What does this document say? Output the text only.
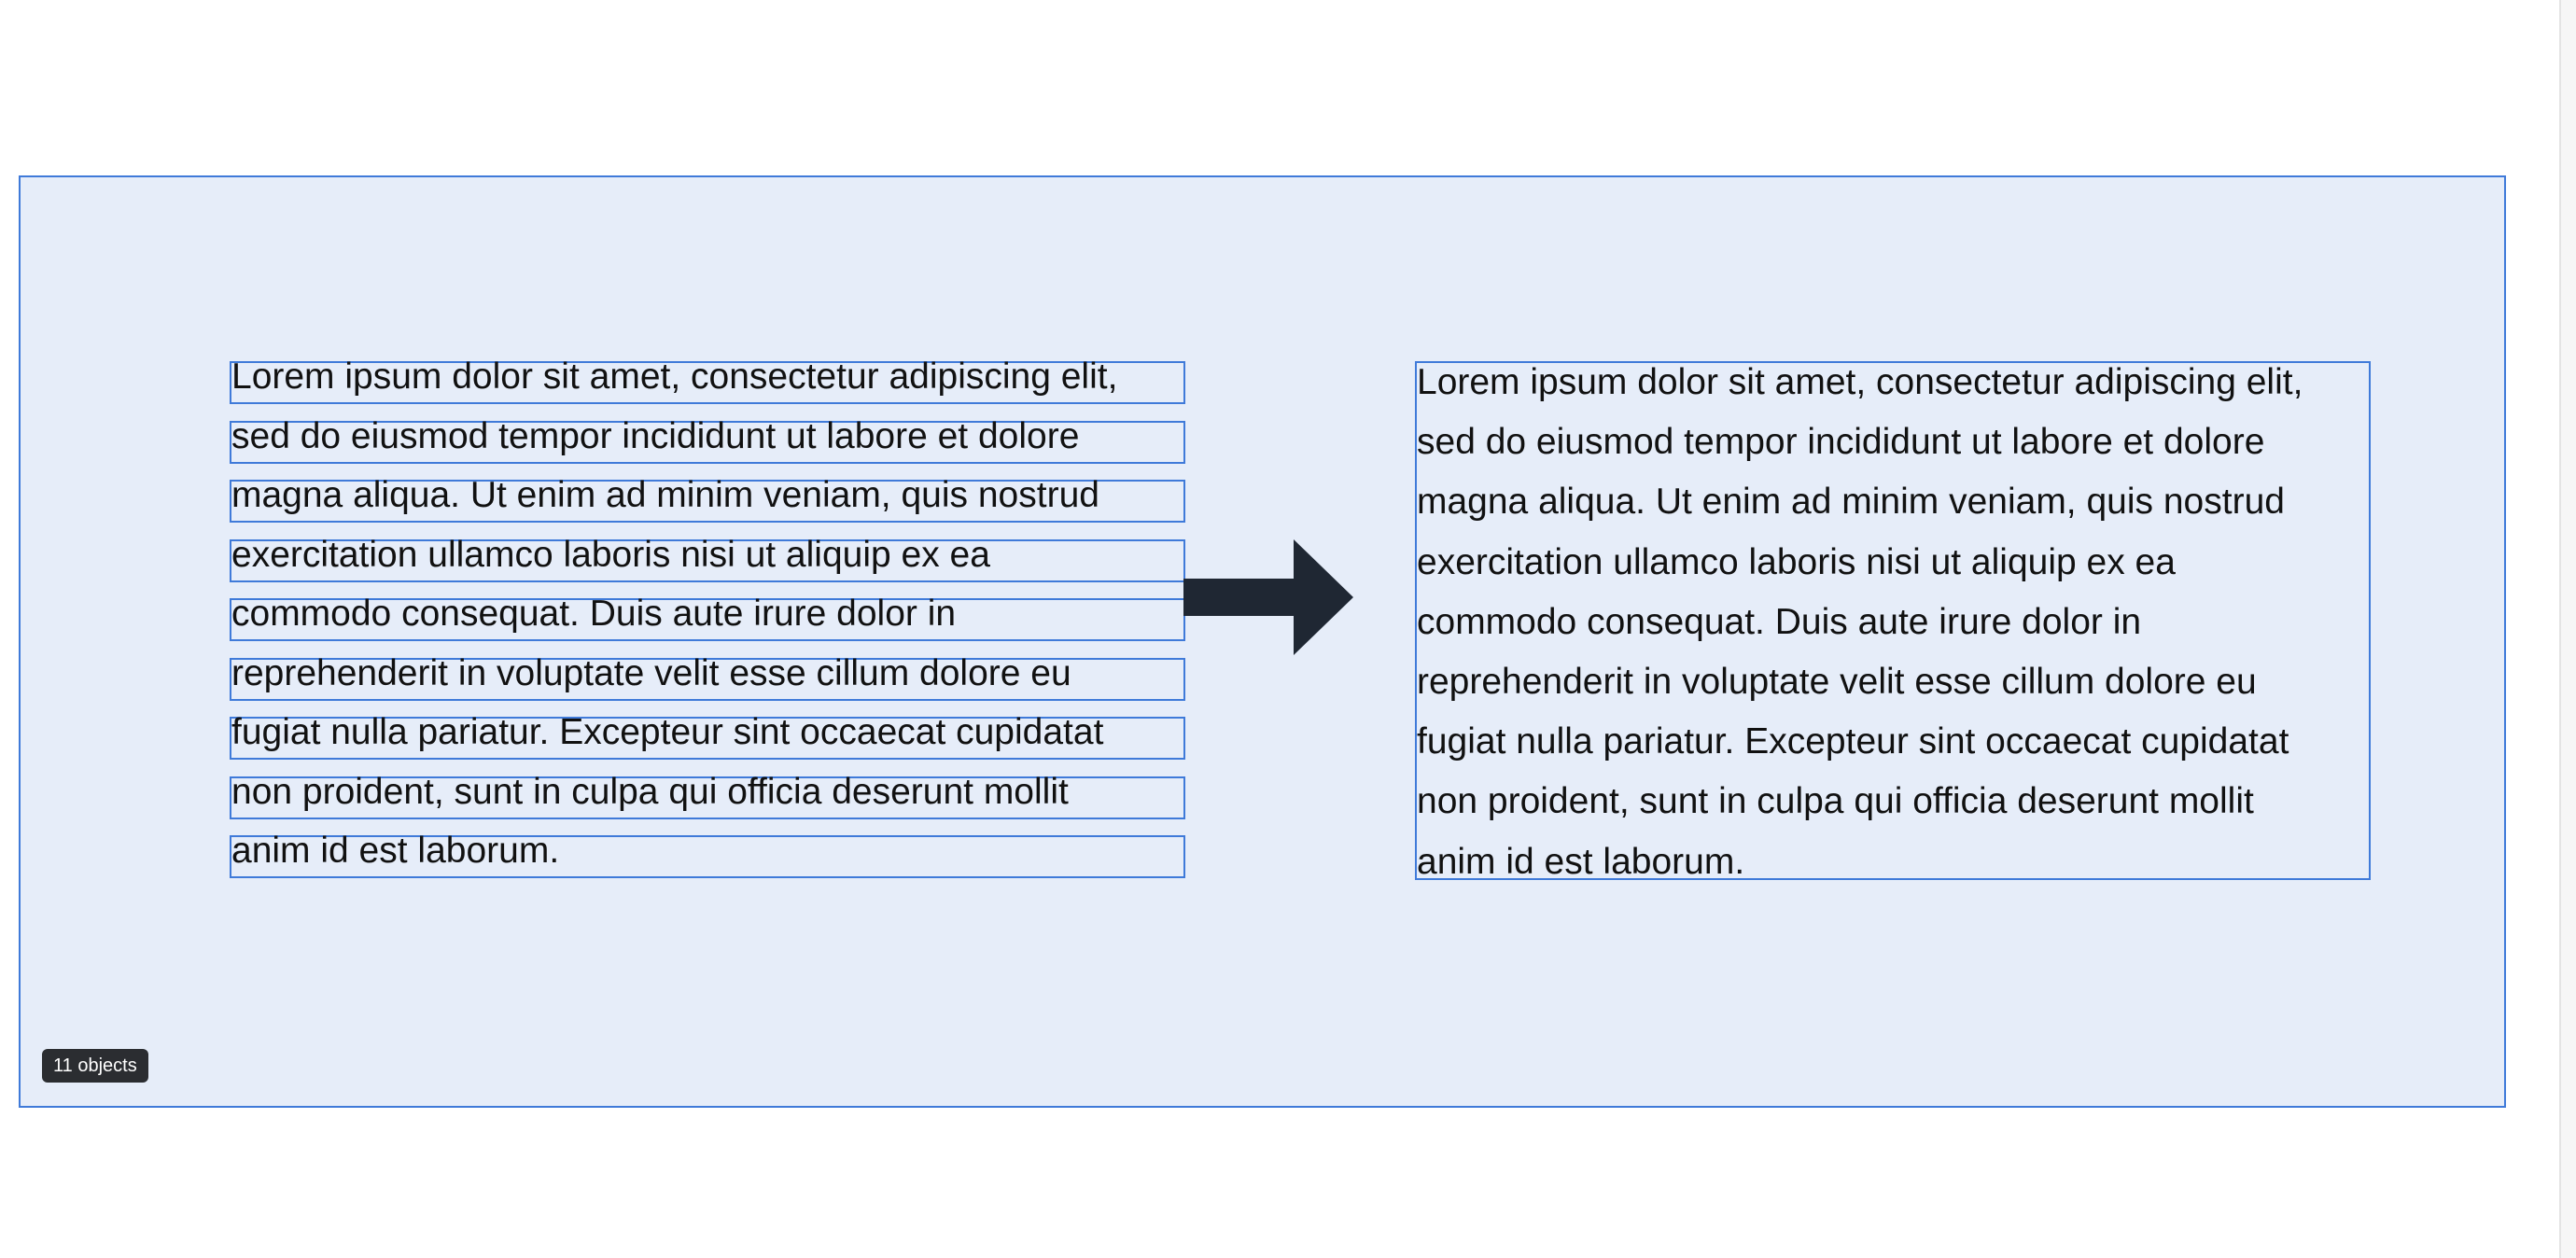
Lorem ipsum dolor sit amet, consectetur adipiscing elit,
sed do eiusmod tempor incididunt ut labore et dolore
magna aliqua. Ut enim ad minim veniam, quis nostrud
exercitation ullamco laboris nisi ut aliquip ex ea
commodo consequat. Duis aute irure dolor in
reprehenderit in voluptate velit esse cillum dolore eu
fugiat nulla pariatur. Excepteur sint occaecat cupidatat
non proident, sunt in culpa qui officia deserunt mollit
anim id est laborum.
Lorem ipsum dolor sit amet, consectetur adipiscing elit,
sed do eiusmod tempor incididunt ut labore et dolore
magna aliqua. Ut enim ad minim veniam, quis nostrud
exercitation ullamco laboris nisi ut aliquip ex ea
commodo consequat. Duis aute irure dolor in
reprehenderit in voluptate velit esse cillum dolore eu
fugiat nulla pariatur. Excepteur sint occaecat cupidatat
non proident, sunt in culpa qui officia deserunt mollit
anim id est laborum.
11 objects
